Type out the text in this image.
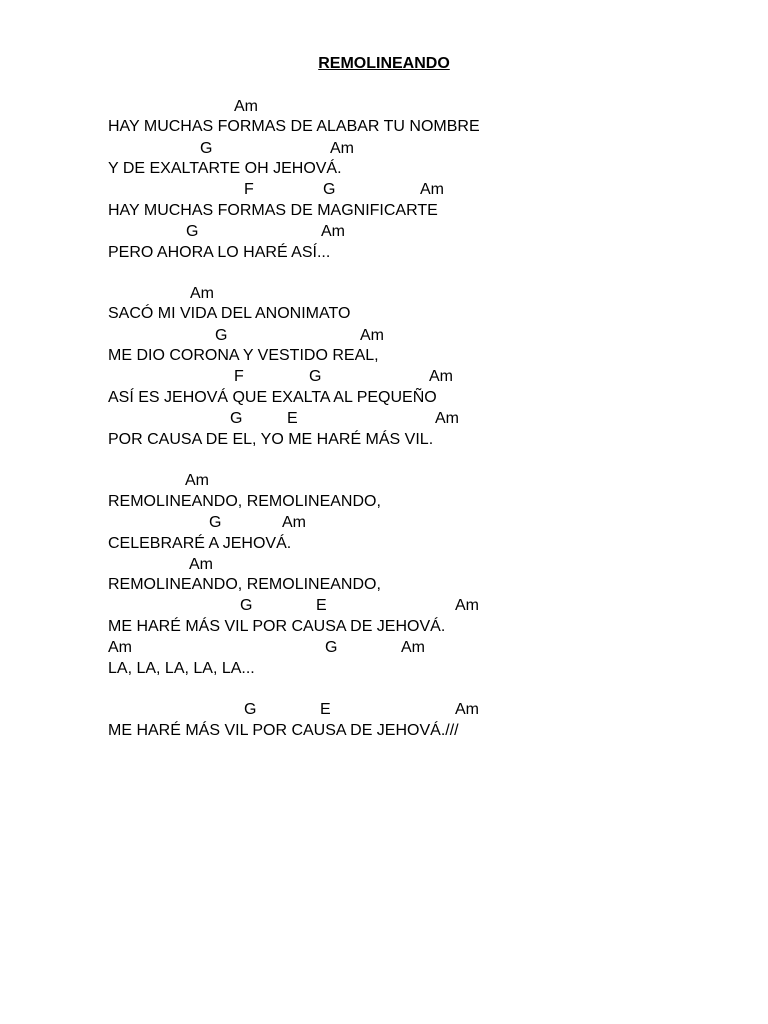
REMOLINEANDO
Am
HAY MUCHAS FORMAS DE ALABAR TU NOMBRE
G	Am
Y DE EXALTARTE OH JEHOVÁ.
F	G	Am
HAY MUCHAS FORMAS DE MAGNIFICARTE
G	Am
PERO AHORA LO HARÉ ASÍ...
Am
SACÓ MI VIDA DEL ANONIMATO
G	Am
ME DIO CORONA Y VESTIDO REAL,
F	G	Am
ASÍ ES JEHOVÁ QUE EXALTA AL PEQUEÑO
G	E	Am
POR CAUSA DE EL, YO ME HARÉ MÁS VIL.
Am
REMOLINEANDO, REMOLINEANDO,
G	Am
CELEBRARÉ A JEHOVÁ.
Am
REMOLINEANDO, REMOLINEANDO,
G	E	Am
ME HARÉ MÁS VIL POR CAUSA DE JEHOVÁ.
Am	G	Am
LA, LA, LA, LA, LA...
G	E	Am
ME HARÉ MÁS VIL POR CAUSA DE JEHOVÁ.///
